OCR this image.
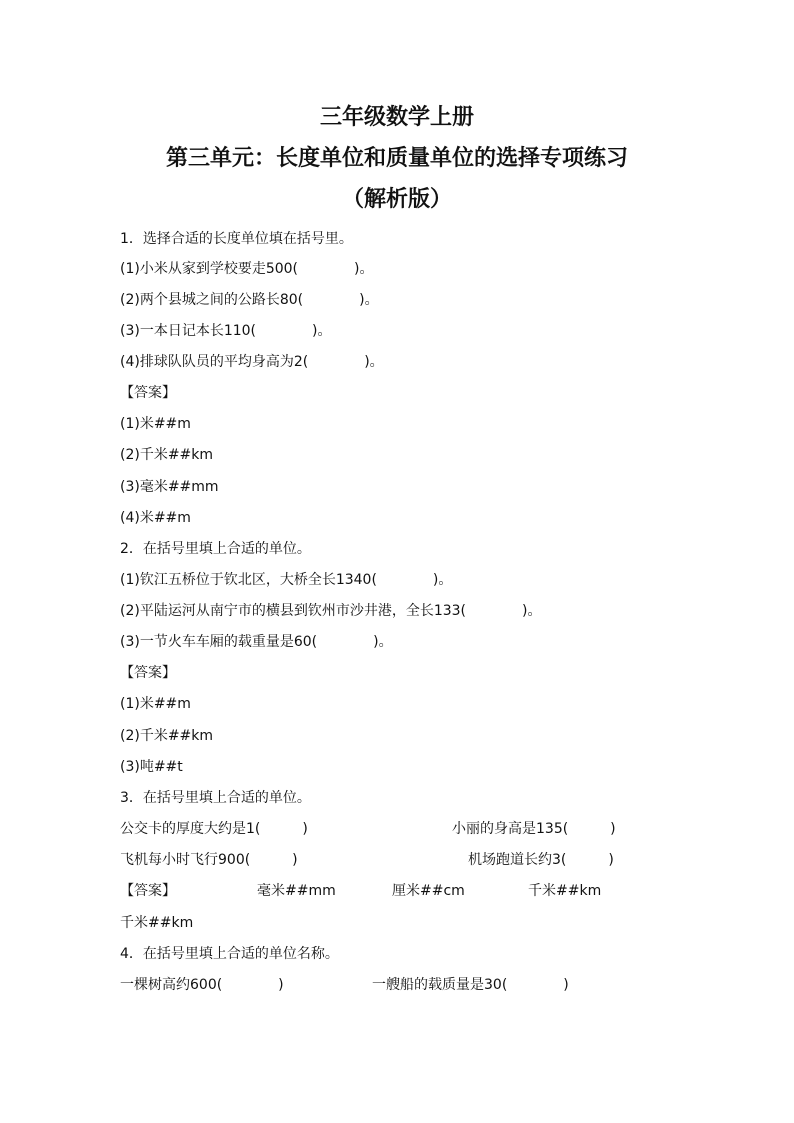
三年级数学上册
第三单元：长度单位和质量单位的选择专项练习
（解析版）

1．选择合适的长度单位填在括号里。

(1)小米从家到学校要走500(　　　　)。

(2)两个县城之间的公路长80(　　　　)。

(3)一本日记本长110(　　　　)。

(4)排球队队员的平均身高为2(　　　　)。

【答案】

(1)米##m

(2)千米##km

(3)毫米##mm

(4)米##m

2．在括号里填上合适的单位。

(1)钦江五桥位于钦北区，大桥全长1340(　　　　)。

(2)平陆运河从南宁市的横县到钦州市沙井港，全长133(　　　　)。

(3)一节火车车厢的载重量是60(　　　　)。

【答案】

(1)米##m

(2)千米##km

(3)吨##t

3．在括号里填上合适的单位。

公交卡的厚度大约是1(　　　)	小丽的身高是135(　　　)
飞机每小时飞行900(　　　)	机场跑道长约3(　　　)
【答案】	毫米##mm	厘米##cm	千米##km
千米##km

4．在括号里填上合适的单位名称。

一棵树高约600(　　　　)	一艘船的载质量是30(　　　　)
